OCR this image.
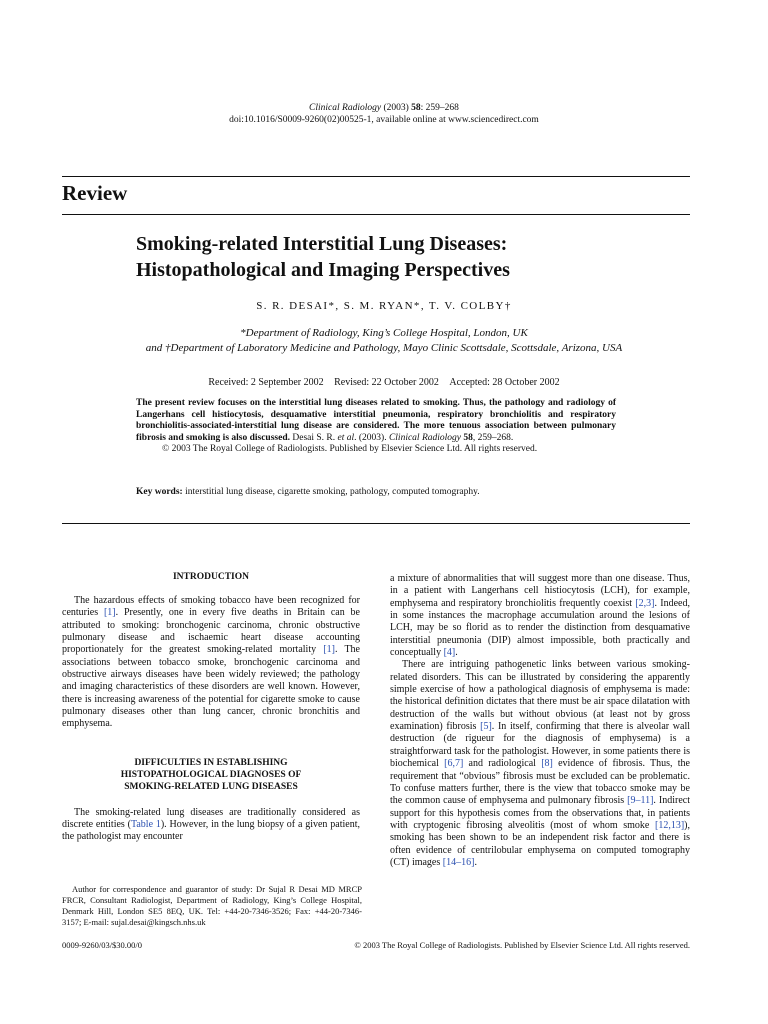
Clinical Radiology (2003) 58: 259–268
doi:10.1016/S0009-9260(02)00525-1, available online at www.sciencedirect.com
Review
Smoking-related Interstitial Lung Diseases:
Histopathological and Imaging Perspectives
S. R. DESAI*, S. M. RYAN*, T. V. COLBY†
*Department of Radiology, King’s College Hospital, London, UK
and †Department of Laboratory Medicine and Pathology, Mayo Clinic Scottsdale, Scottsdale, Arizona, USA
Received: 2 September 2002 Revised: 22 October 2002 Accepted: 28 October 2002
The present review focuses on the interstitial lung diseases related to smoking. Thus, the pathology and radiology of Langerhans cell histiocytosis, desquamative interstitial pneumonia, respiratory bronchiolitis and respiratory bronchiolitis-associated-interstitial lung disease are considered. The more tenuous association between pulmonary fibrosis and smoking is also discussed. Desai S. R. et al. (2003). Clinical Radiology 58, 259–268.
© 2003 The Royal College of Radiologists. Published by Elsevier Science Ltd. All rights reserved.
Key words: interstitial lung disease, cigarette smoking, pathology, computed tomography.
INTRODUCTION

The hazardous effects of smoking tobacco have been recognized for centuries [1]. Presently, one in every five deaths in Britain can be attributed to smoking: bronchogenic carcinoma, chronic obstructive pulmonary disease and ischaemic heart disease accounting proportionately for the greatest smoking-related mortality [1]. The associations between tobacco smoke, bronchogenic carcinoma and obstructive airways diseases have been widely reviewed; the pathology and imaging characteristics of these disorders are well known. However, there is increasing awareness of the potential for cigarette smoke to cause pulmonary diseases other than lung cancer, chronic bronchitis and emphysema.

DIFFICULTIES IN ESTABLISHING
HISTOPATHOLOGICAL DIAGNOSES OF
SMOKING-RELATED LUNG DISEASES

The smoking-related lung diseases are traditionally considered as discrete entities (Table 1). However, in the lung biopsy of a given patient, the pathologist may encounter

Author for correspondence and guarantor of study: Dr Sujal R Desai MD MRCP FRCR, Consultant Radiologist, Department of Radiology, King’s College Hospital, Denmark Hill, London SE5 8EQ, UK. Tel: +44-20-7346-3526; Fax: +44-20-7346-3157; E-mail: sujal.desai@kingsch.nhs.uk

a mixture of abnormalities that will suggest more than one disease. Thus, in a patient with Langerhans cell histiocytosis (LCH), for example, emphysema and respiratory bronchiolitis frequently coexist [2,3]. Indeed, in some instances the macrophage accumulation around the lesions of LCH, may be so florid as to render the distinction from desquamative interstitial pneumonia (DIP) almost impossible, both practically and conceptually [4].

There are intriguing pathogenetic links between various smoking-related disorders. This can be illustrated by considering the apparently simple exercise of how a pathological diagnosis of emphysema is made: the historical definition dictates that there must be air space dilatation with destruction of the walls but without obvious (at least not by gross examination) fibrosis [5]. In itself, confirming that there is alveolar wall destruction (de rigueur for the diagnosis of emphysema) is a straightforward task for the pathologist. However, in some patients there is biochemical [6,7] and radiological [8] evidence of fibrosis. Thus, the requirement that “obvious” fibrosis must be excluded can be problematic. To confuse matters further, there is the view that tobacco smoke may be the common cause of emphysema and pulmonary fibrosis [9–11]. Indirect support for this hypothesis comes from the observations that, in patients with cryptogenic fibrosing alveolitis (most of whom smoke [12,13]), smoking has been shown to be an independent risk factor and there is often evidence of centrilobular emphysema on computed tomography (CT) images [14–16].

0009-9260/03/$30.00/0	© 2003 The Royal College of Radiologists. Published by Elsevier Science Ltd. All rights reserved.
